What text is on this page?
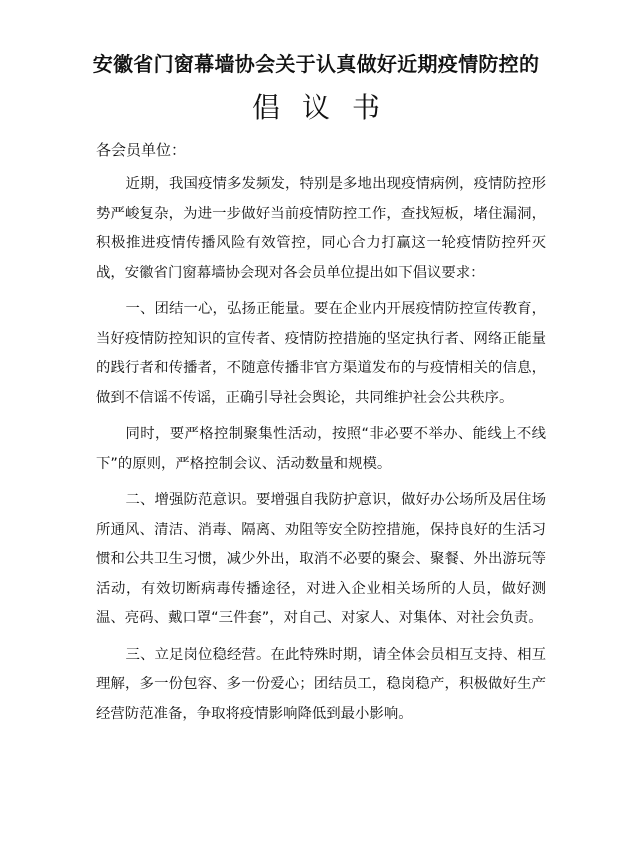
安徽省门窗幕墙协会关于认真做好近期疫情防控的
倡议书
各会员单位：

近期，我国疫情多发频发，特别是多地出现疫情病例，疫情防控形势严峻复杂，为进一步做好当前疫情防控工作，查找短板，堵住漏洞，积极推进疫情传播风险有效管控，同心合力打赢这一轮疫情防控歼灭战，安徽省门窗幕墙协会现对各会员单位提出如下倡议要求：

一、团结一心，弘扬正能量。要在企业内开展疫情防控宣传教育，当好疫情防控知识的宣传者、疫情防控措施的坚定执行者、网络正能量的践行者和传播者，不随意传播非官方渠道发布的与疫情相关的信息，做到不信谣不传谣，正确引导社会舆论，共同维护社会公共秩序。

同时，要严格控制聚集性活动，按照“非必要不举办、能线上不线下”的原则，严格控制会议、活动数量和规模。

二、增强防范意识。要增强自我防护意识，做好办公场所及居住场所通风、清洁、消毒、隔离、劝阻等安全防控措施，保持良好的生活习惯和公共卫生习惯，减少外出，取消不必要的聚会、聚餐、外出游玩等活动，有效切断病毒传播途径，对进入企业相关场所的人员，做好测温、亮码、戴口罩“三件套”，对自己、对家人、对集体、对社会负责。

三、立足岗位稳经营。在此特殊时期，请全体会员相互支持、相互理解，多一份包容、多一份爱心；团结员工，稳岗稳产，积极做好生产经营防范准备，争取将疫情影响降低到最小影响。
